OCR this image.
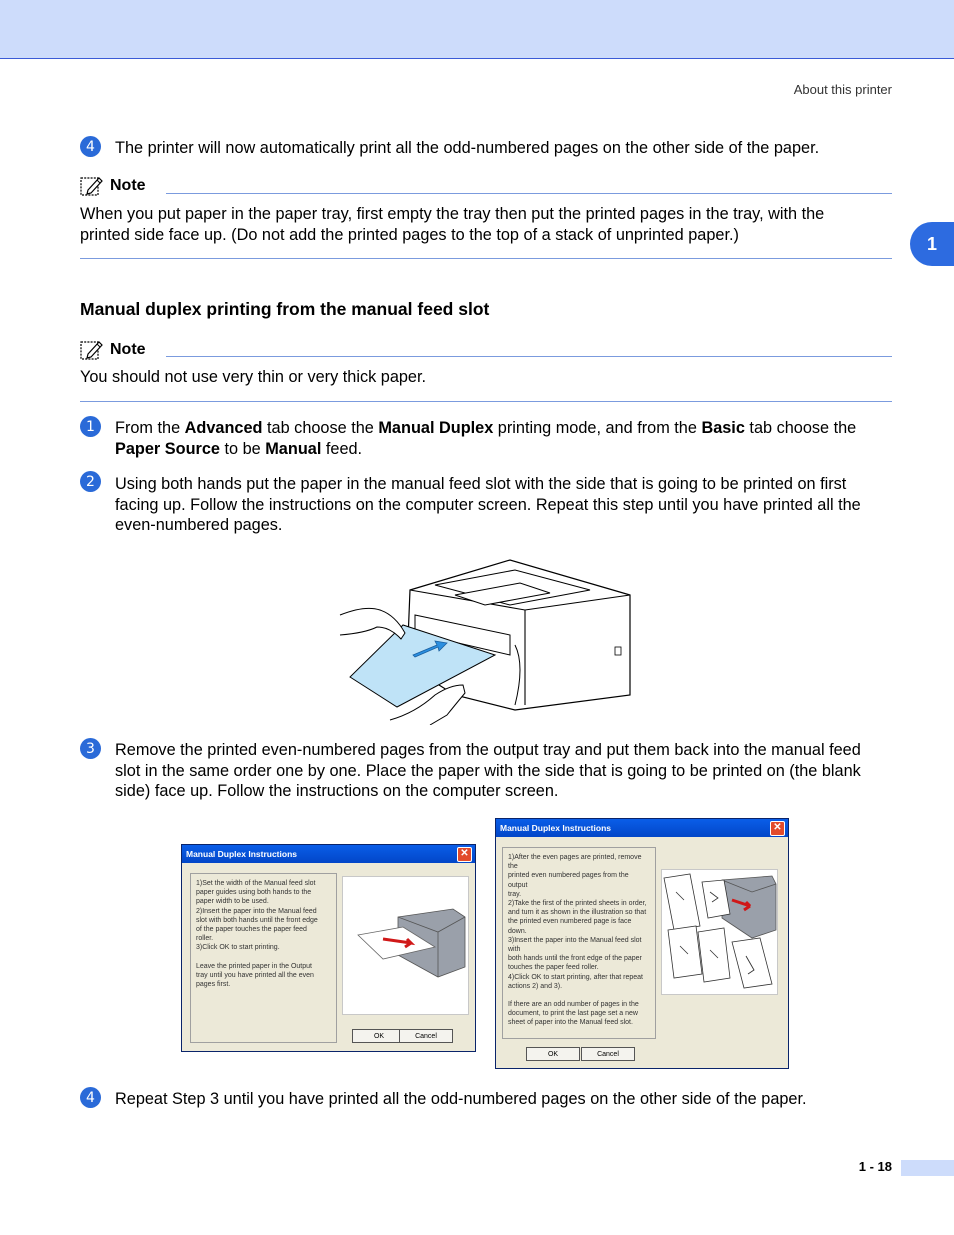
About this printer
1
4	The printer will now automatically print all the odd-numbered pages on the other side of the paper.
Note
When you put paper in the paper tray, first empty the tray then put the printed pages in the tray, with the
printed side face up. (Do not add the printed pages to the top of a stack of unprinted paper.)
Manual duplex printing from the manual feed slot
Note
You should not use very thin or very thick paper.
1	From the Advanced tab choose the Manual Duplex printing mode, and from the Basic tab choose the
Paper Source to be Manual feed.
2	Using both hands put the paper in the manual feed slot with the side that is going to be printed on first
facing up. Follow the instructions on the computer screen. Repeat this step until you have printed all the
even-numbered pages.
3	Remove the printed even-numbered pages from the output tray and put them back into the manual feed
slot in the same order one by one. Place the paper with the side that is going to be printed on (the blank
side) face up. Follow the instructions on the computer screen.
Manual Duplex Instructions	✕
1)Set the width of the Manual feed slot
paper guides using both hands to the
paper width to be used.
2)Insert the paper into the Manual feed
slot with both hands until the front edge
of the paper touches the paper feed
roller.
3)Click OK to start printing.
Leave the printed paper in the Output
tray until you have printed all the even
pages first.
OK	Cancel
Manual Duplex Instructions	✕
1)After the even pages are printed, remove the
printed even numbered pages from the output
tray.
2)Take the first of the printed sheets in order,
and turn it as shown in the illustration so that
the printed even numbered page is face down.
3)Insert the paper into the Manual feed slot with
both hands until the front edge of the paper
touches the paper feed roller.
4)Click OK to start printing, after that repeat
actions 2) and 3).
If there are an odd number of pages in the
document, to print the last page set a new
sheet of paper into the Manual feed slot.
OK	Cancel
4	Repeat Step 3 until you have printed all the odd-numbered pages on the other side of the paper.
1 - 18
